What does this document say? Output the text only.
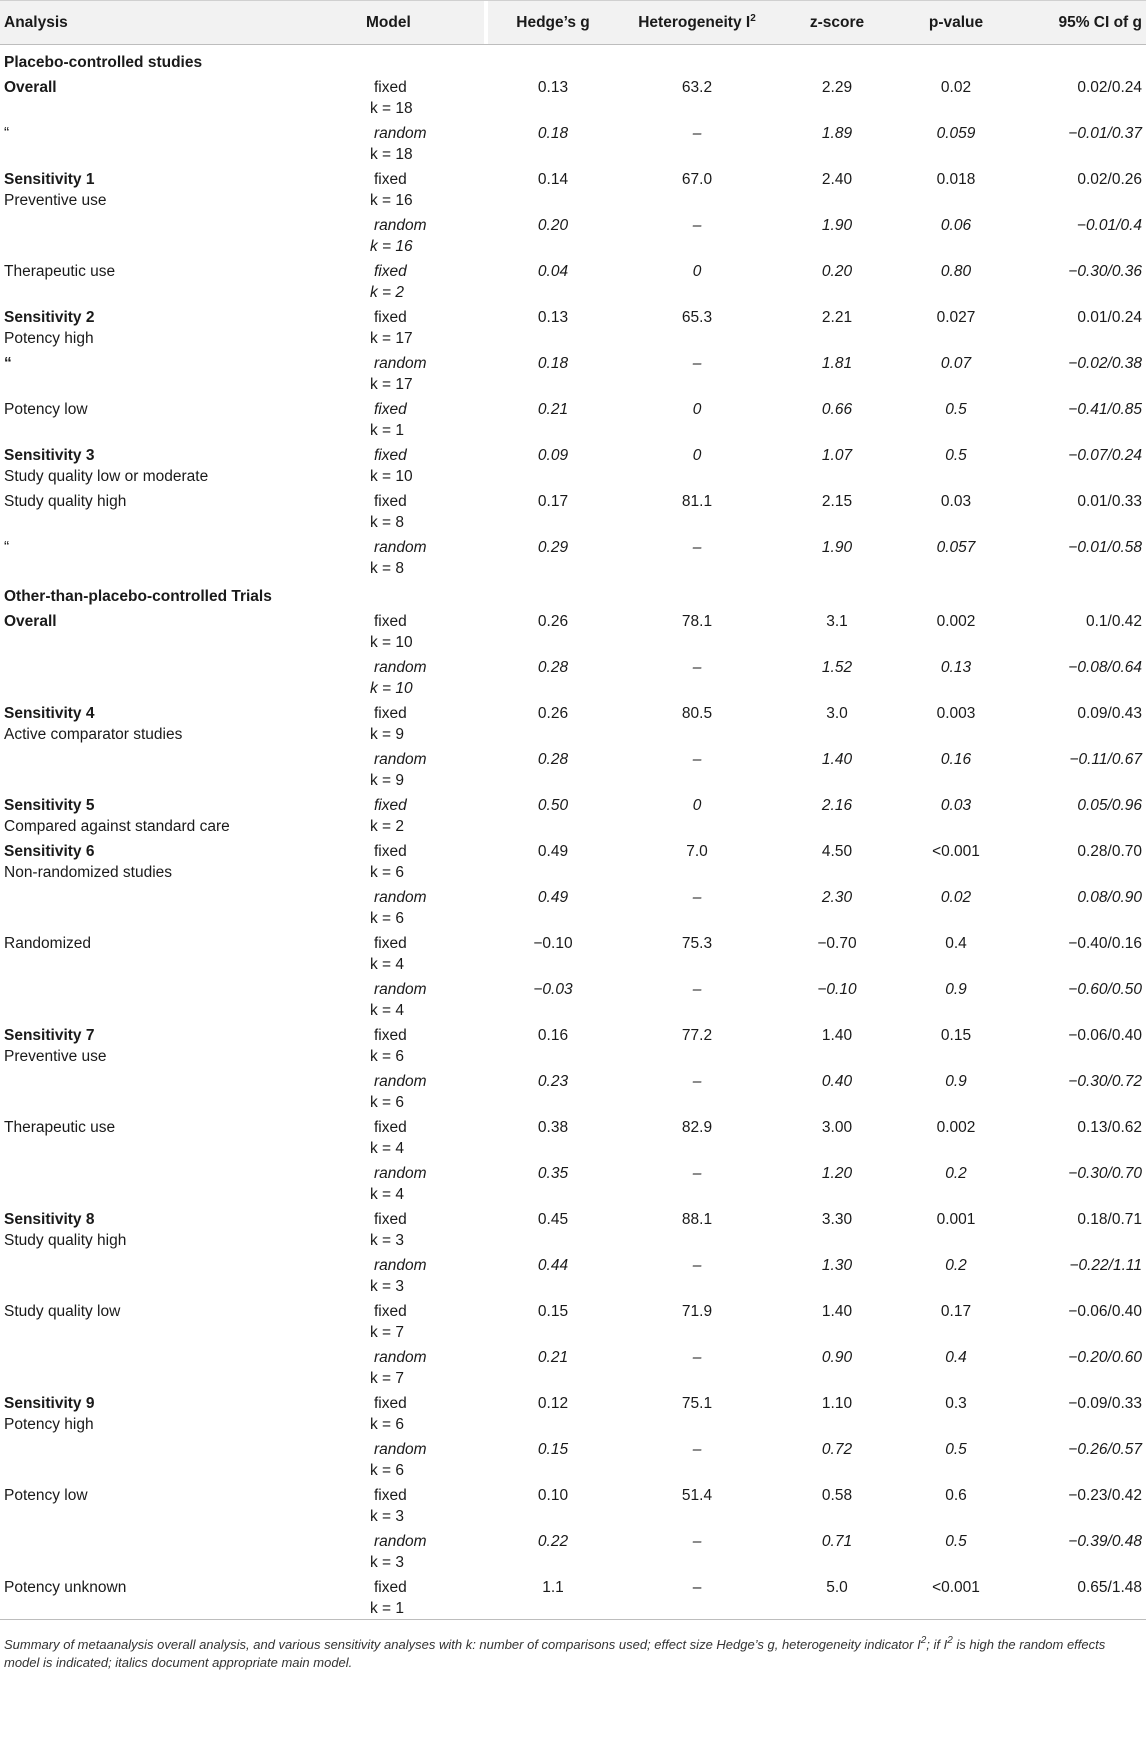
Analysis	Model	Hedge’s g	Heterogeneity $I^2$	z-score	p-value	95% CI of g
Placebo-controlled studies

Overall	fixed
k = 18	0.13	63.2	2.29	0.02	0.02/0.24

“	random
k = 18	0.18	–	1.89	0.059	−0.01/0.37

Sensitivity 1
Preventive use	fixed
k = 16	0.14	67.0	2.40	0.018	0.02/0.26

random
k = 16	0.20	–	1.90	0.06	−0.01/0.4

Therapeutic use	fixed
k = 2	0.04	0	0.20	0.80	−0.30/0.36

Sensitivity 2
Potency high	fixed
k = 17	0.13	65.3	2.21	0.027	0.01/0.24

“	random
k = 17	0.18	–	1.81	0.07	−0.02/0.38

Potency low	fixed
k = 1	0.21	0	0.66	0.5	−0.41/0.85

Sensitivity 3
Study quality low or moderate	fixed
k = 10	0.09	0	1.07	0.5	−0.07/0.24

Study quality high	fixed
k = 8	0.17	81.1	2.15	0.03	0.01/0.33

“	random
k = 8	0.29	–	1.90	0.057	−0.01/0.58
Other-than-placebo-controlled Trials

Overall	fixed
k = 10	0.26	78.1	3.1	0.002	0.1/0.42

random
k = 10	0.28	–	1.52	0.13	−0.08/0.64

Sensitivity 4
Active comparator studies	fixed
k = 9	0.26	80.5	3.0	0.003	0.09/0.43

random
k = 9	0.28	–	1.40	0.16	−0.11/0.67

Sensitivity 5
Compared against standard care	fixed
k = 2	0.50	0	2.16	0.03	0.05/0.96

Sensitivity 6
Non-randomized studies	fixed
k = 6	0.49	7.0	4.50	<0.001	0.28/0.70

random
k = 6	0.49	–	2.30	0.02	0.08/0.90

Randomized	fixed
k = 4	−0.10	75.3	−0.70	0.4	−0.40/0.16

random
k = 4	−0.03	–	−0.10	0.9	−0.60/0.50

Sensitivity 7
Preventive use	fixed
k = 6	0.16	77.2	1.40	0.15	−0.06/0.40

random
k = 6	0.23	–	0.40	0.9	−0.30/0.72

Therapeutic use	fixed
k = 4	0.38	82.9	3.00	0.002	0.13/0.62

random
k = 4	0.35	–	1.20	0.2	−0.30/0.70

Sensitivity 8
Study quality high	fixed
k = 3	0.45	88.1	3.30	0.001	0.18/0.71

random
k = 3	0.44	–	1.30	0.2	−0.22/1.11

Study quality low	fixed
k = 7	0.15	71.9	1.40	0.17	−0.06/0.40

random
k = 7	0.21	–	0.90	0.4	−0.20/0.60

Sensitivity 9
Potency high	fixed
k = 6	0.12	75.1	1.10	0.3	−0.09/0.33

random
k = 6	0.15	–	0.72	0.5	−0.26/0.57

Potency low	fixed
k = 3	0.10	51.4	0.58	0.6	−0.23/0.42

random
k = 3	0.22	–	0.71	0.5	−0.39/0.48

Potency unknown	fixed
k = 1	1.1	–	5.0	<0.001	0.65/1.48
Summary of metaanalysis overall analysis, and various sensitivity analyses with k: number of comparisons used; effect size Hedge’s g, heterogeneity indicator $I^2$; if $I^2$ is high the random effects model is indicated; italics document appropriate main model.
